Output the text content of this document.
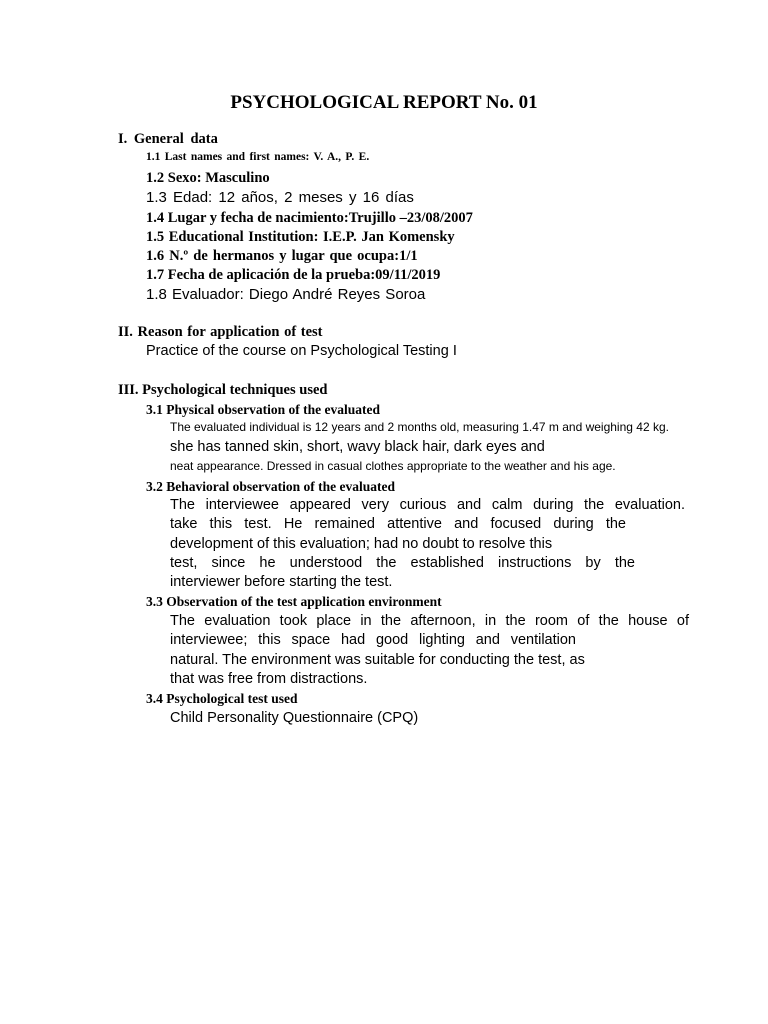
PSYCHOLOGICAL REPORT No. 01
I. General data
1.1 Last names and first names: V. A., P. E.
1.2 Sexo: Masculino
1.3 Edad: 12 años, 2 meses y 16 días
1.4 Lugar y fecha de nacimiento:Trujillo –23/08/2007
1.5 Educational Institution: I.E.P. Jan Komensky
1.6 N.º de hermanos y lugar que ocupa:1/1
1.7 Fecha de aplicación de la prueba:09/11/2019
1.8 Evaluador: Diego André Reyes Soroa
II. Reason for application of test
Practice of the course on Psychological Testing I
III. Psychological techniques used
3.1 Physical observation of the evaluated
The evaluated individual is 12 years and 2 months old, measuring 1.47 m and weighing 42 kg.
she has tanned skin, short, wavy black hair, dark eyes and
neat appearance. Dressed in casual clothes appropriate to the weather and his age.
3.2 Behavioral observation of the evaluated
The interviewee appeared very curious and calm during the evaluation.
take this test. He remained attentive and focused during the
development of this evaluation; had no doubt to resolve this
test, since he understood the established instructions by the
interviewer before starting the test.
3.3 Observation of the test application environment
The evaluation took place in the afternoon, in the room of the house of
interviewee; this space had good lighting and ventilation
natural. The environment was suitable for conducting the test, as
that was free from distractions.
3.4 Psychological test used
Child Personality Questionnaire (CPQ)
